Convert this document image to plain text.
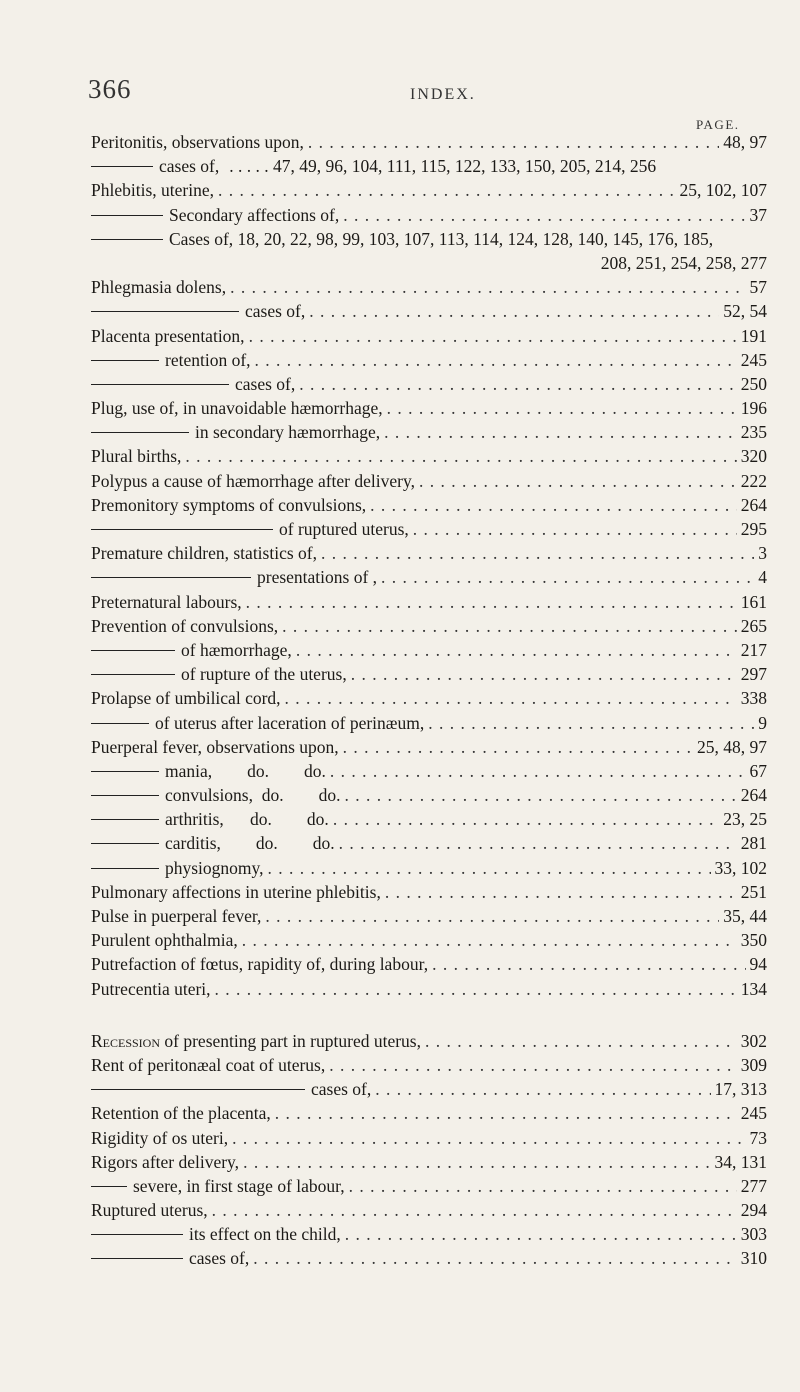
366	INDEX.
PAGE.
Peritonitis, observations upon, . . .	48, 97
cases of, . . . . . 47, 49, 96, 104, 111, 115, 122, 133, 150, 205, 214, 256
Phlebitis, uterine, . . .	25, 102, 107
Secondary affections of, . . .	37
Cases of, 18, 20, 22, 98, 99, 103, 107, 113, 114, 124, 128, 140, 145, 176, 185,
208, 251, 254, 258, 277
Phlegmasia dolens, . . .	57
cases of, . . .	52, 54
Placenta presentation, . . .	191
retention of, . . .	245
cases of, . . .	250
Plug, use of, in unavoidable hæmorrhage, . . .	196
in secondary hæmorrhage, . . .	235
Plural births, . . .	320
Polypus a cause of hæmorrhage after delivery, . . .	222
Premonitory symptoms of convulsions, . . .	264
of ruptured uterus, . . .	295
Premature children, statistics of, . . .	3
presentations of , . . .	4
Preternatural labours, . . .	161
Prevention of convulsions, . . .	265
of hæmorrhage, . . .	217
of rupture of the uterus, . . .	297
Prolapse of umbilical cord, . . .	338
of uterus after laceration of perinæum, . . .	9
Puerperal fever, observations upon, . . .	25, 48, 97
mania,        do.        do. . . .	67
convulsions,  do.        do. . . .	264
arthritis,      do.        do. . . .	23, 25
carditis,        do.        do. . . .	281
physiognomy, . . .	33, 102
Pulmonary affections in uterine phlebitis, . . .	251
Pulse in puerperal fever, . . .	35, 44
Purulent ophthalmia, . . .	350
Putrefaction of fœtus, rapidity of, during labour, . . .	94
Putrecentia uteri, . . .	134
Recession of presenting part in ruptured uterus, . . .	302
Rent of peritonæal coat of uterus, . . .	309
cases of, . . .	17, 313
Retention of the placenta, . . .	245
Rigidity of os uteri, . . .	73
Rigors after delivery, . . .	34, 131
severe, in first stage of labour, . . .	277
Ruptured uterus, . . .	294
its effect on the child, . . .	303
cases of, . . .	310
